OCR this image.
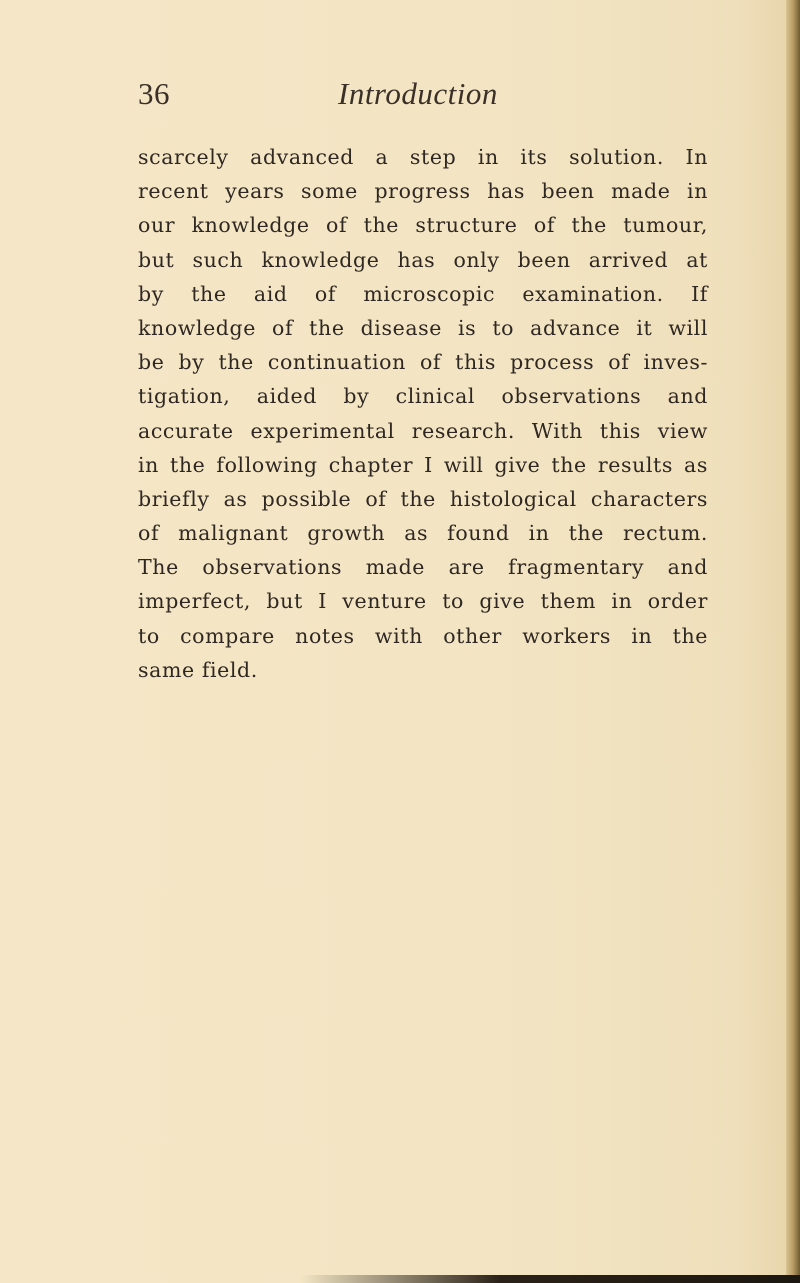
36	Introduction
scarcely advanced a step in its solution. In
recent years some progress has been made in
our knowledge of the structure of the tumour,
but such knowledge has only been arrived at
by the aid of microscopic examination. If
knowledge of the disease is to advance it will
be by the continuation of this process of inves-
tigation, aided by clinical observations and
accurate experimental research. With this view
in the following chapter I will give the results as
briefly as possible of the histological characters
of malignant growth as found in the rectum.
The observations made are fragmentary and
imperfect, but I venture to give them in order
to compare notes with other workers in the
same field.
